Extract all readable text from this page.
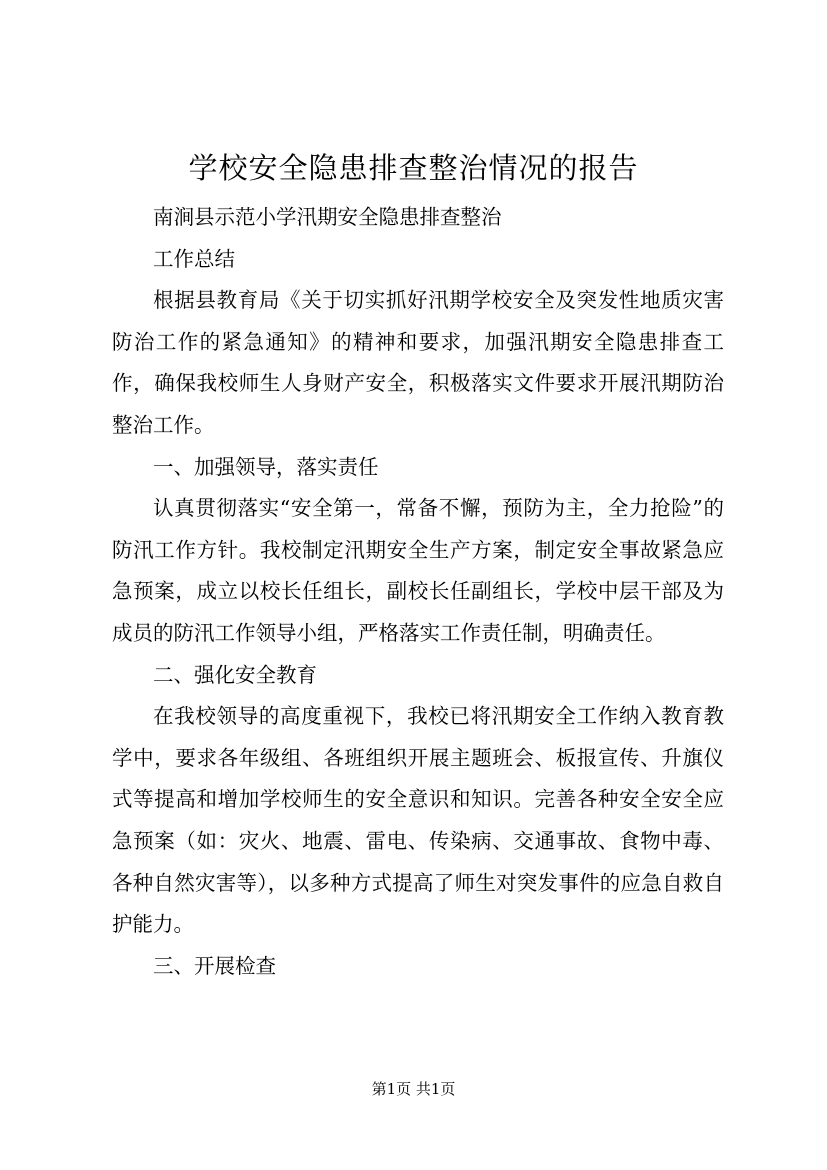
学校安全隐患排查整治情况的报告

南涧县示范小学汛期安全隐患排查整治

工作总结

根据县教育局《关于切实抓好汛期学校安全及突发性地质灾害防治工作的紧急通知》的精神和要求，加强汛期安全隐患排查工作，确保我校师生人身财产安全，积极落实文件要求开展汛期防治整治工作。

一、加强领导，落实责任

认真贯彻落实“安全第一，常备不懈，预防为主，全力抢险”的防汛工作方针。我校制定汛期安全生产方案，制定安全事故紧急应急预案，成立以校长任组长，副校长任副组长，学校中层干部及为成员的防汛工作领导小组，严格落实工作责任制，明确责任。

二、强化安全教育

在我校领导的高度重视下，我校已将汛期安全工作纳入教育教学中，要求各年级组、各班组织开展主题班会、板报宣传、升旗仪式等提高和增加学校师生的安全意识和知识。完善各种安全安全应急预案（如：灾火、地震、雷电、传染病、交通事故、食物中毒、各种自然灾害等），以多种方式提高了师生对突发事件的应急自救自护能力。

三、开展检查

第1页 共1页
